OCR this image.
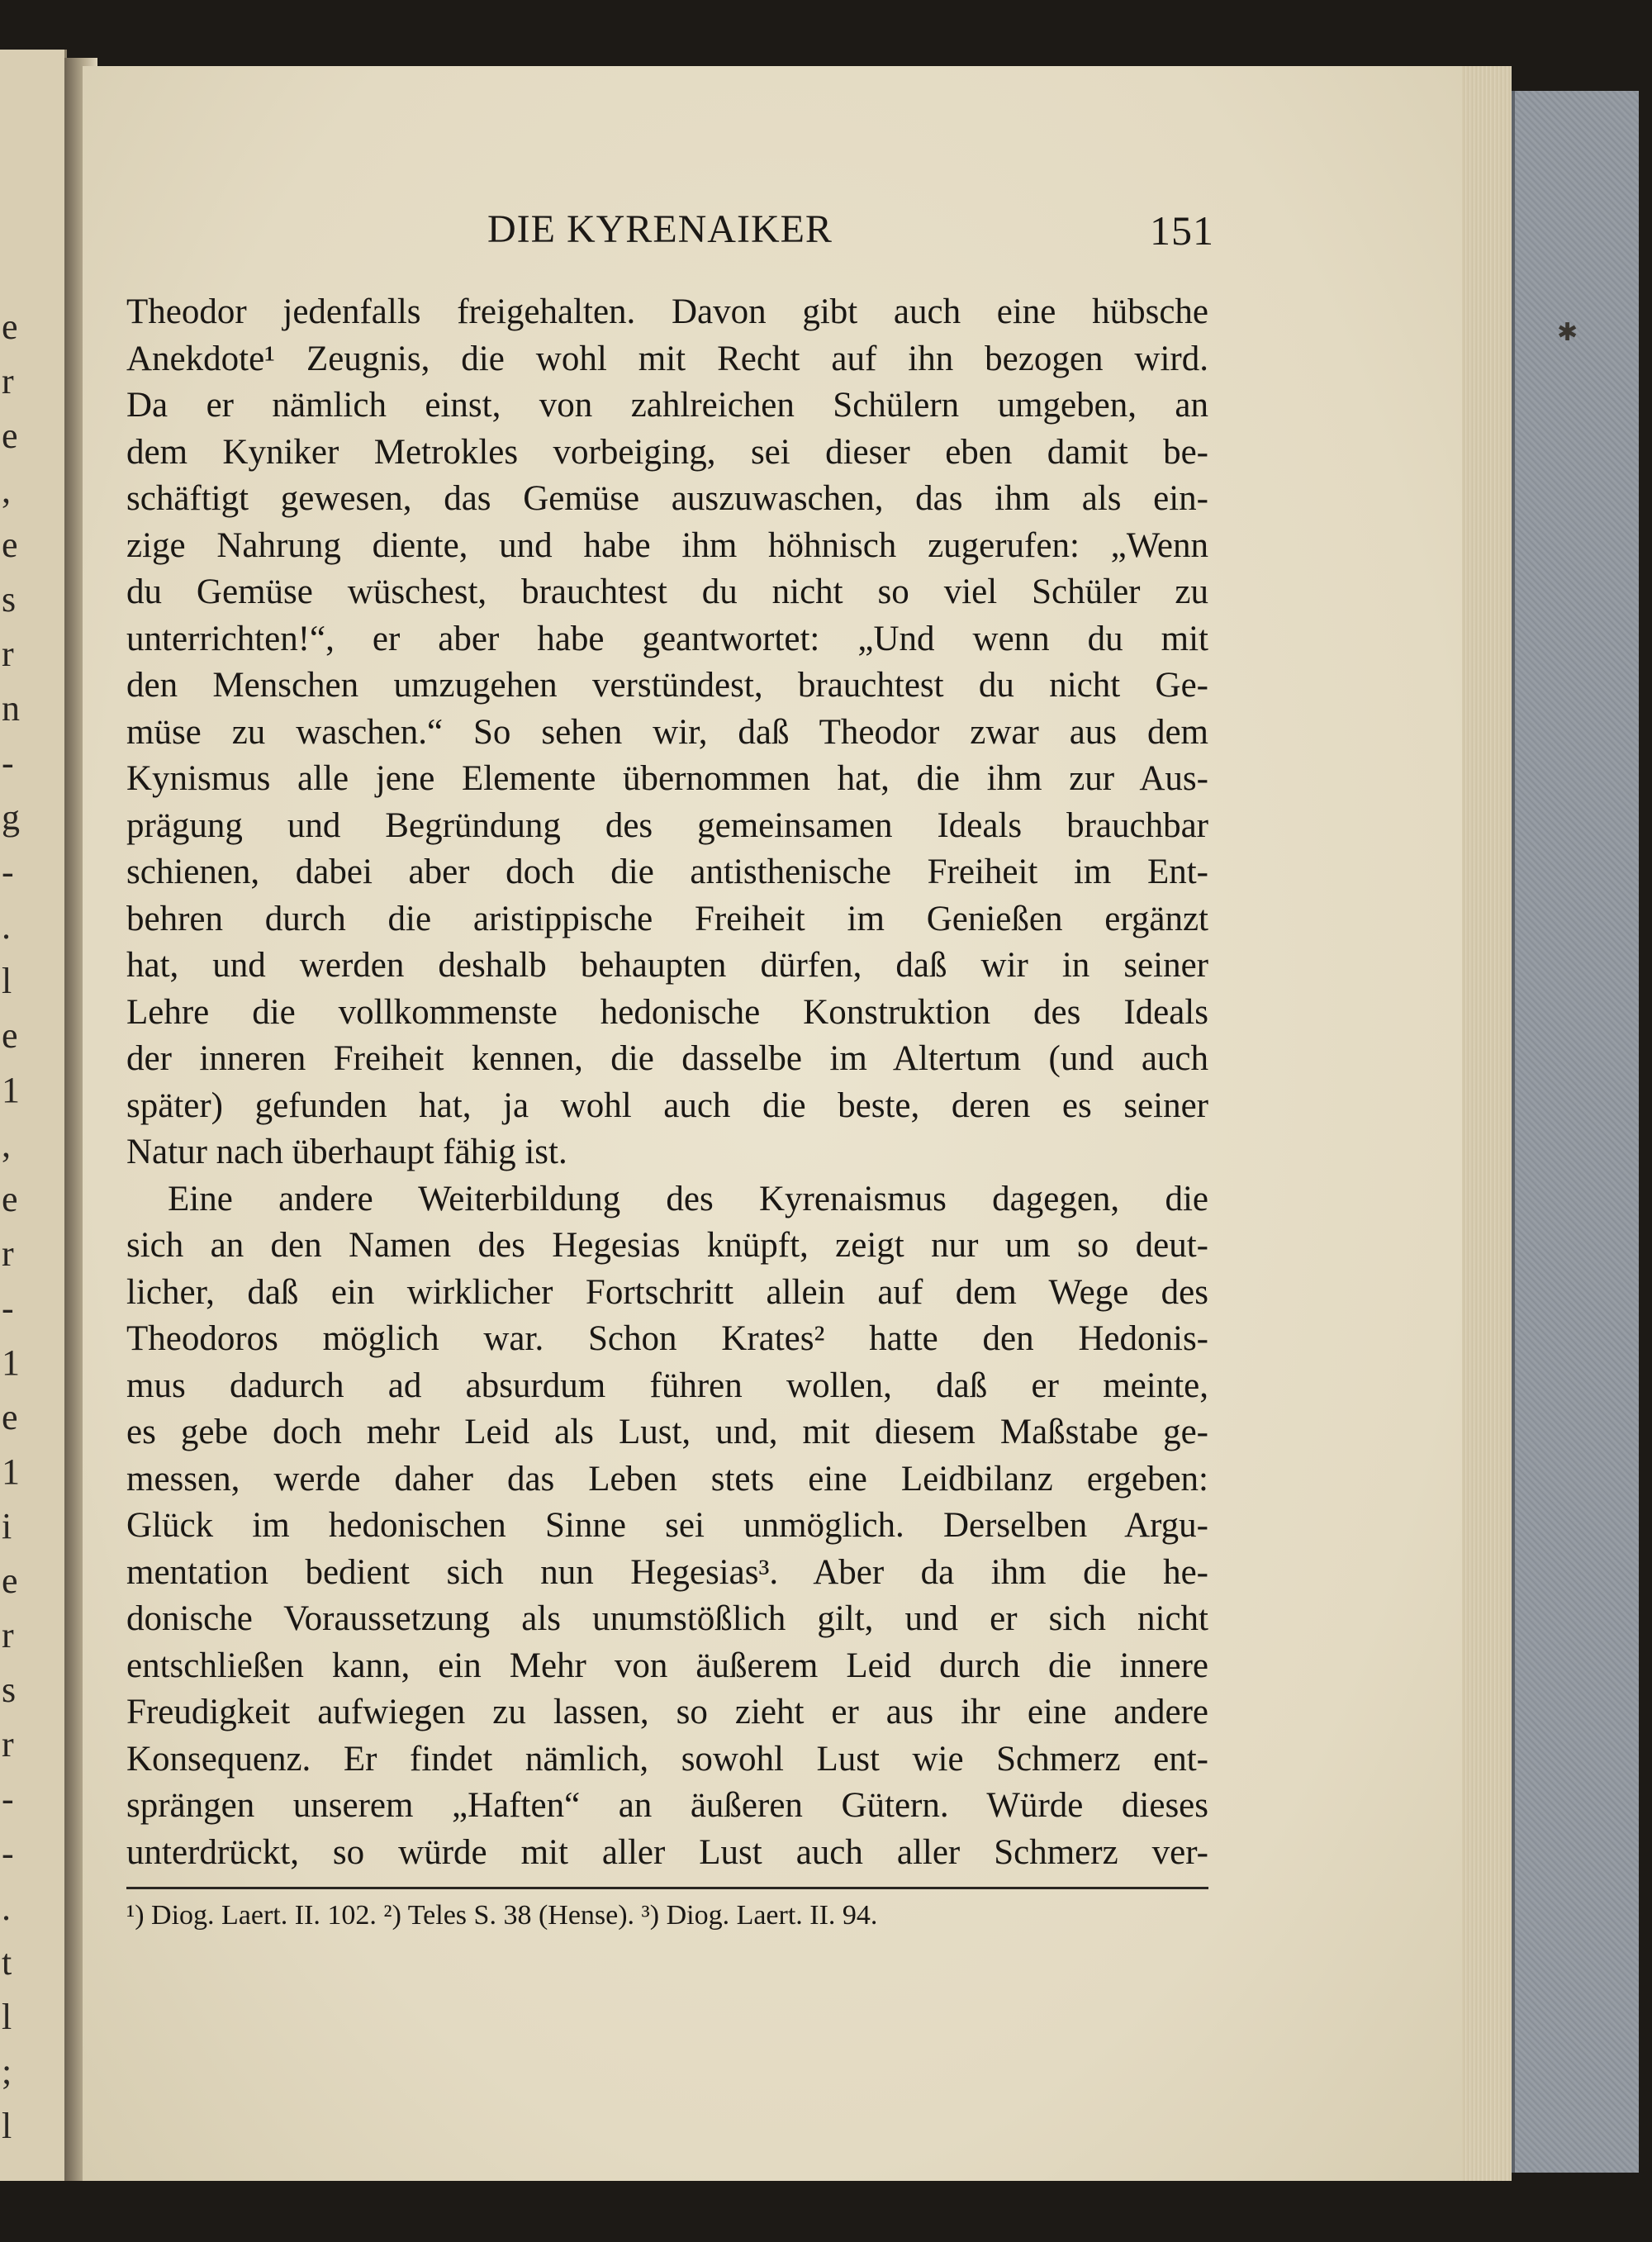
e
r
e
,
e
s
r
n
-
g
-
.
l
e
1
,
e
r
-
1
e
1
i
e
r
s
r
-
-
.
t
l
;
l
✱
DIE KYRENAIKER	151
Theodor jedenfalls freigehalten. Davon gibt auch eine hübsche
Anekdote¹ Zeugnis, die wohl mit Recht auf ihn bezogen wird.
Da er nämlich einst, von zahlreichen Schülern umgeben, an
dem Kyniker Metrokles vorbeiging, sei dieser eben damit be-
schäftigt gewesen, das Gemüse auszuwaschen, das ihm als ein-
zige Nahrung diente, und habe ihm höhnisch zugerufen: „Wenn
du Gemüse wüschest, brauchtest du nicht so viel Schüler zu
unterrichten!“, er aber habe geantwortet: „Und wenn du mit
den Menschen umzugehen verstündest, brauchtest du nicht Ge-
müse zu waschen.“ So sehen wir, daß Theodor zwar aus dem
Kynismus alle jene Elemente übernommen hat, die ihm zur Aus-
prägung und Begründung des gemeinsamen Ideals brauchbar
schienen, dabei aber doch die antisthenische Freiheit im Ent-
behren durch die aristippische Freiheit im Genießen ergänzt
hat, und werden deshalb behaupten dürfen, daß wir in seiner
Lehre die vollkommenste hedonische Konstruktion des Ideals
der inneren Freiheit kennen, die dasselbe im Altertum (und auch
später) gefunden hat, ja wohl auch die beste, deren es seiner
Natur nach überhaupt fähig ist.
Eine andere Weiterbildung des Kyrenaismus dagegen, die
sich an den Namen des Hegesias knüpft, zeigt nur um so deut-
licher, daß ein wirklicher Fortschritt allein auf dem Wege des
Theodoros möglich war. Schon Krates² hatte den Hedonis-
mus dadurch ad absurdum führen wollen, daß er meinte,
es gebe doch mehr Leid als Lust, und, mit diesem Maßstabe ge-
messen, werde daher das Leben stets eine Leidbilanz ergeben:
Glück im hedonischen Sinne sei unmöglich. Derselben Argu-
mentation bedient sich nun Hegesias³. Aber da ihm die he-
donische Voraussetzung als unumstößlich gilt, und er sich nicht
entschließen kann, ein Mehr von äußerem Leid durch die innere
Freudigkeit aufwiegen zu lassen, so zieht er aus ihr eine andere
Konsequenz. Er findet nämlich, sowohl Lust wie Schmerz ent-
sprängen unserem „Haften“ an äußeren Gütern. Würde dieses
unterdrückt, so würde mit aller Lust auch aller Schmerz ver-
¹) Diog. Laert. II. 102. ²) Teles S. 38 (Hense). ³) Diog. Laert. II. 94.
